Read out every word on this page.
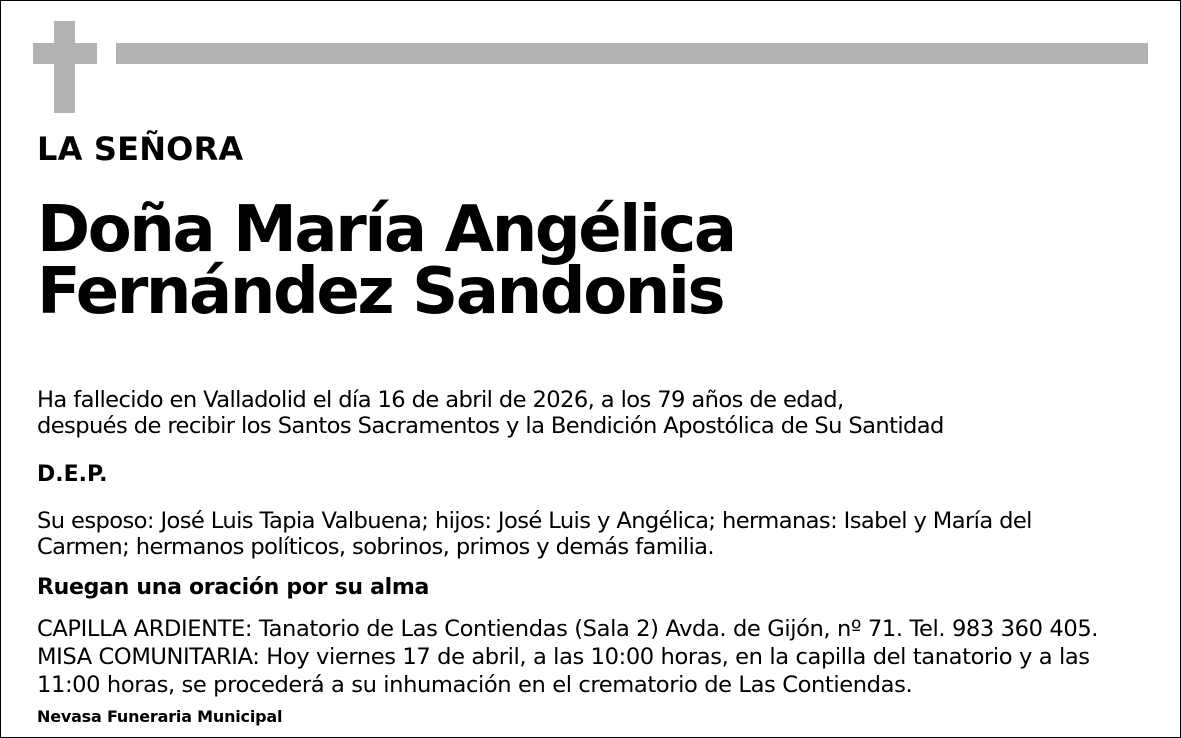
LA SEÑORA
Doña María Angélica
Fernández Sandonis
Ha fallecido en Valladolid el día 16 de abril de 2026, a los 79 años de edad,
después de recibir los Santos Sacramentos y la Bendición Apostólica de Su Santidad
D.E.P.
Su esposo: José Luis Tapia Valbuena; hijos: José Luis y Angélica; hermanas: Isabel y María del
Carmen; hermanos políticos, sobrinos, primos y demás familia.
Ruegan una oración por su alma
CAPILLA ARDIENTE: Tanatorio de Las Contiendas (Sala 2) Avda. de Gijón, nº 71. Tel. 983 360 405.
MISA COMUNITARIA: Hoy viernes 17 de abril, a las 10:00 horas, en la capilla del tanatorio y a las
11:00 horas, se procederá a su inhumación en el crematorio de Las Contiendas.
Nevasa Funeraria Municipal
